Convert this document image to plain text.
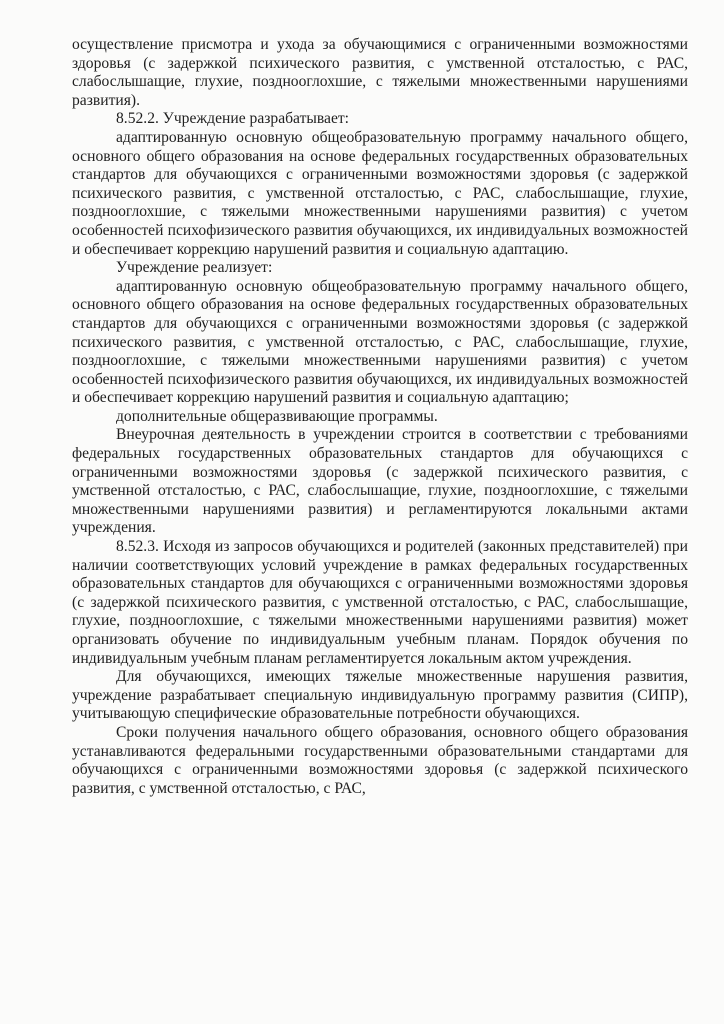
осуществление присмотра и ухода за обучающимися с ограниченными возможностями здоровья (с задержкой психического развития, с умственной отсталостью, с РАС, слабослышащие, глухие, позднооглохшие, с тяжелыми множественными нарушениями развития).

8.52.2. Учреждение разрабатывает:

адаптированную основную общеобразовательную программу начального общего, основного общего образования на основе федеральных государственных образовательных стандартов для обучающихся с ограниченными возможностями здоровья (с задержкой психического развития, с умственной отсталостью, с РАС, слабослышащие, глухие, позднооглохшие, с тяжелыми множественными нарушениями развития) с учетом особенностей психофизического развития обучающихся, их индивидуальных возможностей и обеспечивает коррекцию нарушений развития и социальную адаптацию.

Учреждение реализует:

адаптированную основную общеобразовательную программу начального общего, основного общего образования на основе федеральных государственных образовательных стандартов для обучающихся с ограниченными возможностями здоровья (с задержкой психического развития, с умственной отсталостью, с РАС, слабослышащие, глухие, позднооглохшие, с тяжелыми множественными нарушениями развития) с учетом особенностей психофизического развития обучающихся, их индивидуальных возможностей и обеспечивает коррекцию нарушений развития и социальную адаптацию;

дополнительные общеразвивающие программы.

Внеурочная деятельность в учреждении строится в соответствии с требованиями федеральных государственных образовательных стандартов для обучающихся с ограниченными возможностями здоровья (с задержкой психического развития, с умственной отсталостью, с РАС, слабослышащие, глухие, позднооглохшие, с тяжелыми множественными нарушениями развития) и регламентируются локальными актами учреждения.

8.52.3. Исходя из запросов обучающихся и родителей (законных представителей) при наличии соответствующих условий учреждение в рамках федеральных государственных образовательных стандартов для обучающихся с ограниченными возможностями здоровья (с задержкой психического развития, с умственной отсталостью, с РАС, слабослышащие, глухие, позднооглохшие, с тяжелыми множественными нарушениями развития) может организовать обучение по индивидуальным учебным планам. Порядок обучения по индивидуальным учебным планам регламентируется локальным актом учреждения.

Для обучающихся, имеющих тяжелые множественные нарушения развития, учреждение разрабатывает специальную индивидуальную программу развития (СИПР), учитывающую специфические образовательные потребности обучающихся.

Сроки получения начального общего образования, основного общего образования устанавливаются федеральными государственными образовательными стандартами для обучающихся с ограниченными возможностями здоровья (с задержкой психического развития, с умственной отсталостью, с РАС,
